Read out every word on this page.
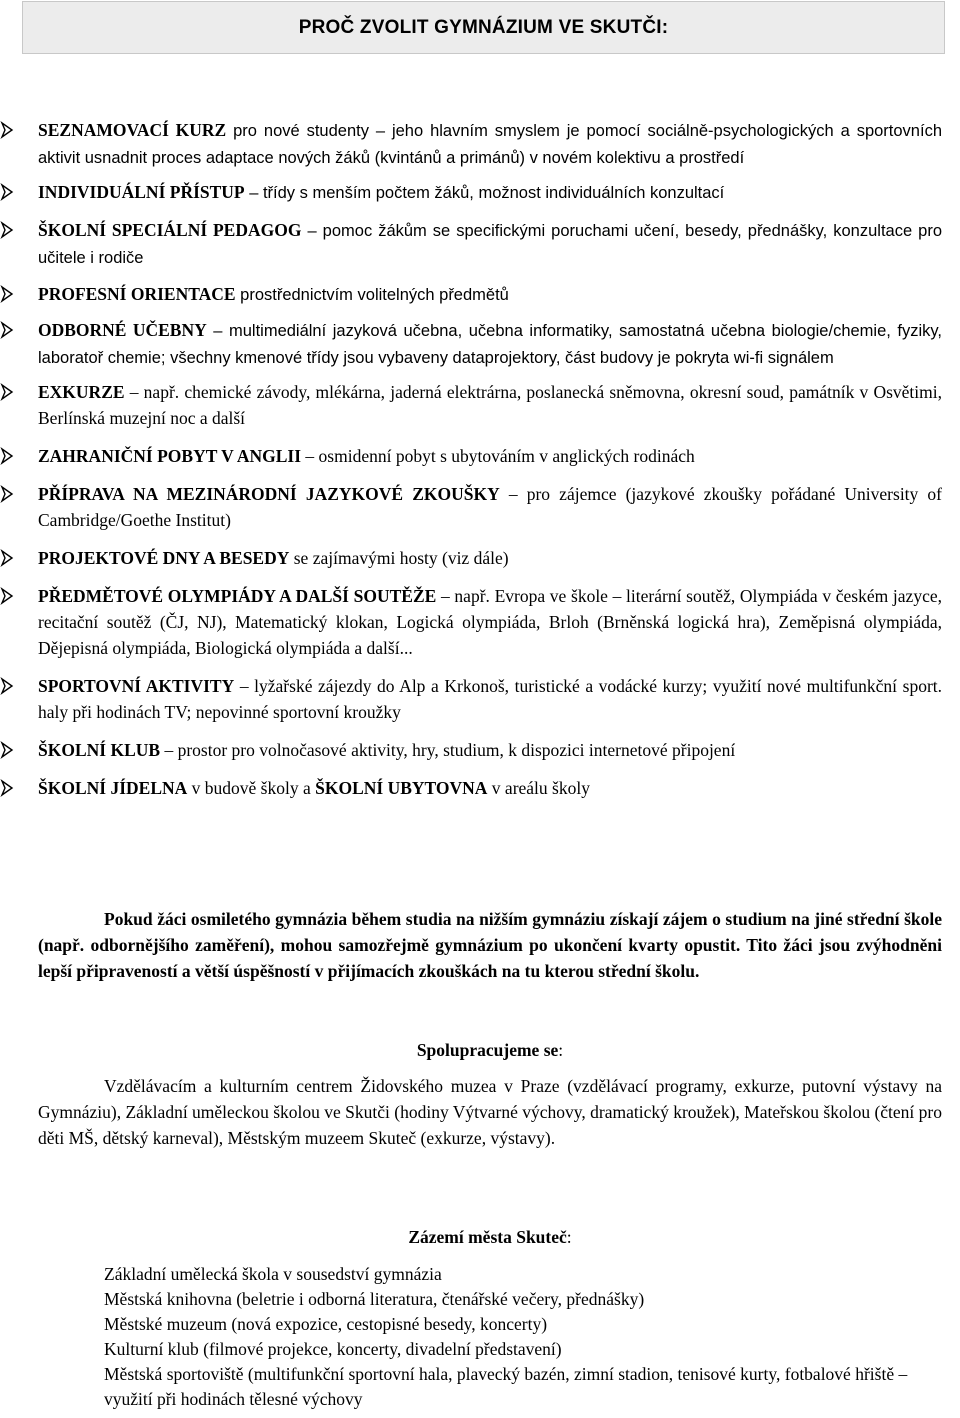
PROČ ZVOLIT GYMNÁZIUM VE SKUTČI:
SEZNAMOVACÍ KURZ pro nové studenty – jeho hlavním smyslem je pomocí sociálně-psychologických a sportovních aktivit usnadnit proces adaptace nových žáků (kvintánů a primánů) v novém kolektivu a prostředí
INDIVIDUÁLNÍ PŘÍSTUP – třídy s menším počtem žáků, možnost individuálních konzultací
ŠKOLNÍ SPECIÁLNÍ PEDAGOG – pomoc žákům se specifickými poruchami učení, besedy, přednášky, konzultace pro učitele i rodiče
PROFESNÍ ORIENTACE prostřednictvím volitelných předmětů
ODBORNÉ UČEBNY – multimediální jazyková učebna, učebna informatiky, samostatná učebna biologie/chemie, fyziky, laboratoř chemie; všechny kmenové třídy jsou vybaveny dataprojektory, část budovy je pokryta wi-fi signálem
EXKURZE – např. chemické závody, mlékárna, jaderná elektrárna, poslanecká sněmovna, okresní soud, památník v Osvětimi, Berlínská muzejní noc a další
ZAHRANIČNÍ POBYT V ANGLII – osmidenní pobyt s ubytováním v anglických rodinách
PŘÍPRAVA NA MEZINÁRODNÍ JAZYKOVÉ ZKOUŠKY – pro zájemce (jazykové zkoušky pořádané University of Cambridge/Goethe Institut)
PROJEKTOVÉ DNY A BESEDY se zajímavými hosty (viz dále)
PŘEDMĚTOVÉ OLYMPIÁDY A DALŠÍ SOUTĚŽE – např. Evropa ve škole – literární soutěž, Olympiáda v českém jazyce, recitační soutěž (ČJ, NJ), Matematický klokan, Logická olympiáda, Brloh (Brněnská logická hra), Zeměpisná olympiáda, Dějepisná olympiáda, Biologická olympiáda a další...
SPORTOVNÍ AKTIVITY – lyžařské zájezdy do Alp a Krkonoš, turistické a vodácké kurzy; využití nové multifunkční sport. haly při hodinách TV; nepovinné sportovní kroužky
ŠKOLNÍ KLUB – prostor pro volnočasové aktivity, hry, studium, k dispozici internetové připojení
ŠKOLNÍ JÍDELNA v budově školy a ŠKOLNÍ UBYTOVNA v areálu školy
Pokud žáci osmiletého gymnázia během studia na nižším gymnáziu získají zájem o studium na jiné střední škole (např. odbornějšího zaměření), mohou samozřejmě gymnázium po ukončení kvarty opustit. Tito žáci jsou zvýhodněni lepší připraveností a větší úspěšností v přijímacích zkouškách na tu kterou střední školu.
Spolupracujeme se:
Vzdělávacím a kulturním centrem Židovského muzea v Praze (vzdělávací programy, exkurze, putovní výstavy na Gymnáziu), Základní uměleckou školou ve Skutči (hodiny Výtvarné výchovy, dramatický kroužek), Mateřskou školou (čtení pro děti MŠ, dětský karneval), Městským muzeem Skuteč (exkurze, výstavy).
Zázemí města Skuteč:
Základní umělecká škola v sousedství gymnázia
Městská knihovna (beletrie i odborná literatura, čtenářské večery, přednášky)
Městské muzeum (nová expozice, cestopisné besedy, koncerty)
Kulturní klub (filmové projekce, koncerty, divadelní představení)
Městská sportoviště (multifunkční sportovní hala, plavecký bazén, zimní stadion, tenisové kurty, fotbalové hřiště – využití při hodinách tělesné výchovy
